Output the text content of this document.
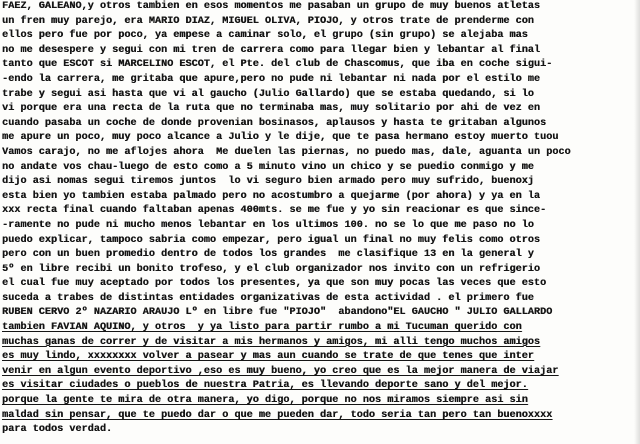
FAEZ, GALEANO,y otros tambien en esos momentos me pasaban un grupo de muy buenos atletas
un fren muy parejo, era MARIO DIAZ, MIGUEL OLIVA, PIOJO, y otros trate de prenderme con
ellos pero fue por poco, ya empese a caminar solo, el grupo (sin grupo) se alejaba mas
no me desespere y segui con mi tren de carrera como para llegar bien y lebantar al final
tanto que ESCOT si MARCELINO ESCOT, el Pte. del club de Chascomus, que iba en coche sigui-
-endo la carrera, me gritaba que apure,pero no pude ni lebantar ni nada por el estilo me
trabe y segui asi hasta que vi al gaucho (Julio Gallardo) que se estaba quedando, si lo
vi porque era una recta de la ruta que no terminaba mas, muy solitario por ahi de vez en
cuando pasaba un coche de donde provenian bosinasos, aplausos y hasta te gritaban algunos
me apure un poco, muy poco alcance a Julio y le dije, que te pasa hermano estoy muerto tuou
Vamos carajo, no me aflojes ahora  Me duelen las piernas, no puedo mas, dale, aguanta un poco
no andate vos chau-luego de esto como a 5 minuto vino un chico y se puedio conmigo y me
dijo asi nomas segui tiremos juntos  lo vi seguro bien armado pero muy sufrido, buenoxj
esta bien yo tambien estaba palmado pero no acostumbro a quejarme (por ahora) y ya en la
xxx recta final cuando faltaban apenas 400mts. se me fue y yo sin reacionar es que since-
-ramente no pude ni mucho menos lebantar en los ultimos 100. no se lo que me paso no lo
puedo explicar, tampoco sabria como empezar, pero igual un final no muy felis como otros
pero con un buen promedio dentro de todos los grandes  me clasifique 13 en la general y
5º en libre recibi un bonito trofeso, y el club organizador nos invito con un refrigerio
el cual fue muy aceptado por todos los presentes, ya que son muy pocas las veces que esto
suceda a trabes de distintas entidades organizativas de esta actividad . el primero fue
RUBEN CERVO 2º NAZARIO ARAUJO Lº en libre fue "PIOJO"  abandono"EL GAUCHO " JULIO GALLARDO
tambien FAVIAN AQUINO, y otros  y ya listo para partir rumbo a mi Tucuman querido con
muchas ganas de correr y de visitar a mis hermanos y amigos, mi alli tengo muchos amigos
es muy lindo, xxxxxxxx volver a pasear y mas aun cuando se trate de que tenes que inter
venir en algun evento deportivo ,eso es muy bueno, yo creo que es la mejor manera de viajar
es visitar ciudades o pueblos de nuestra Patria, es llevando deporte sano y del mejor.
porque la gente te mira de otra manera, yo digo, porque no nos miramos siempre asi sin
maldad sin pensar, que te puedo dar o que me pueden dar, todo seria tan pero tan buenoxxxx
para todos verdad.
